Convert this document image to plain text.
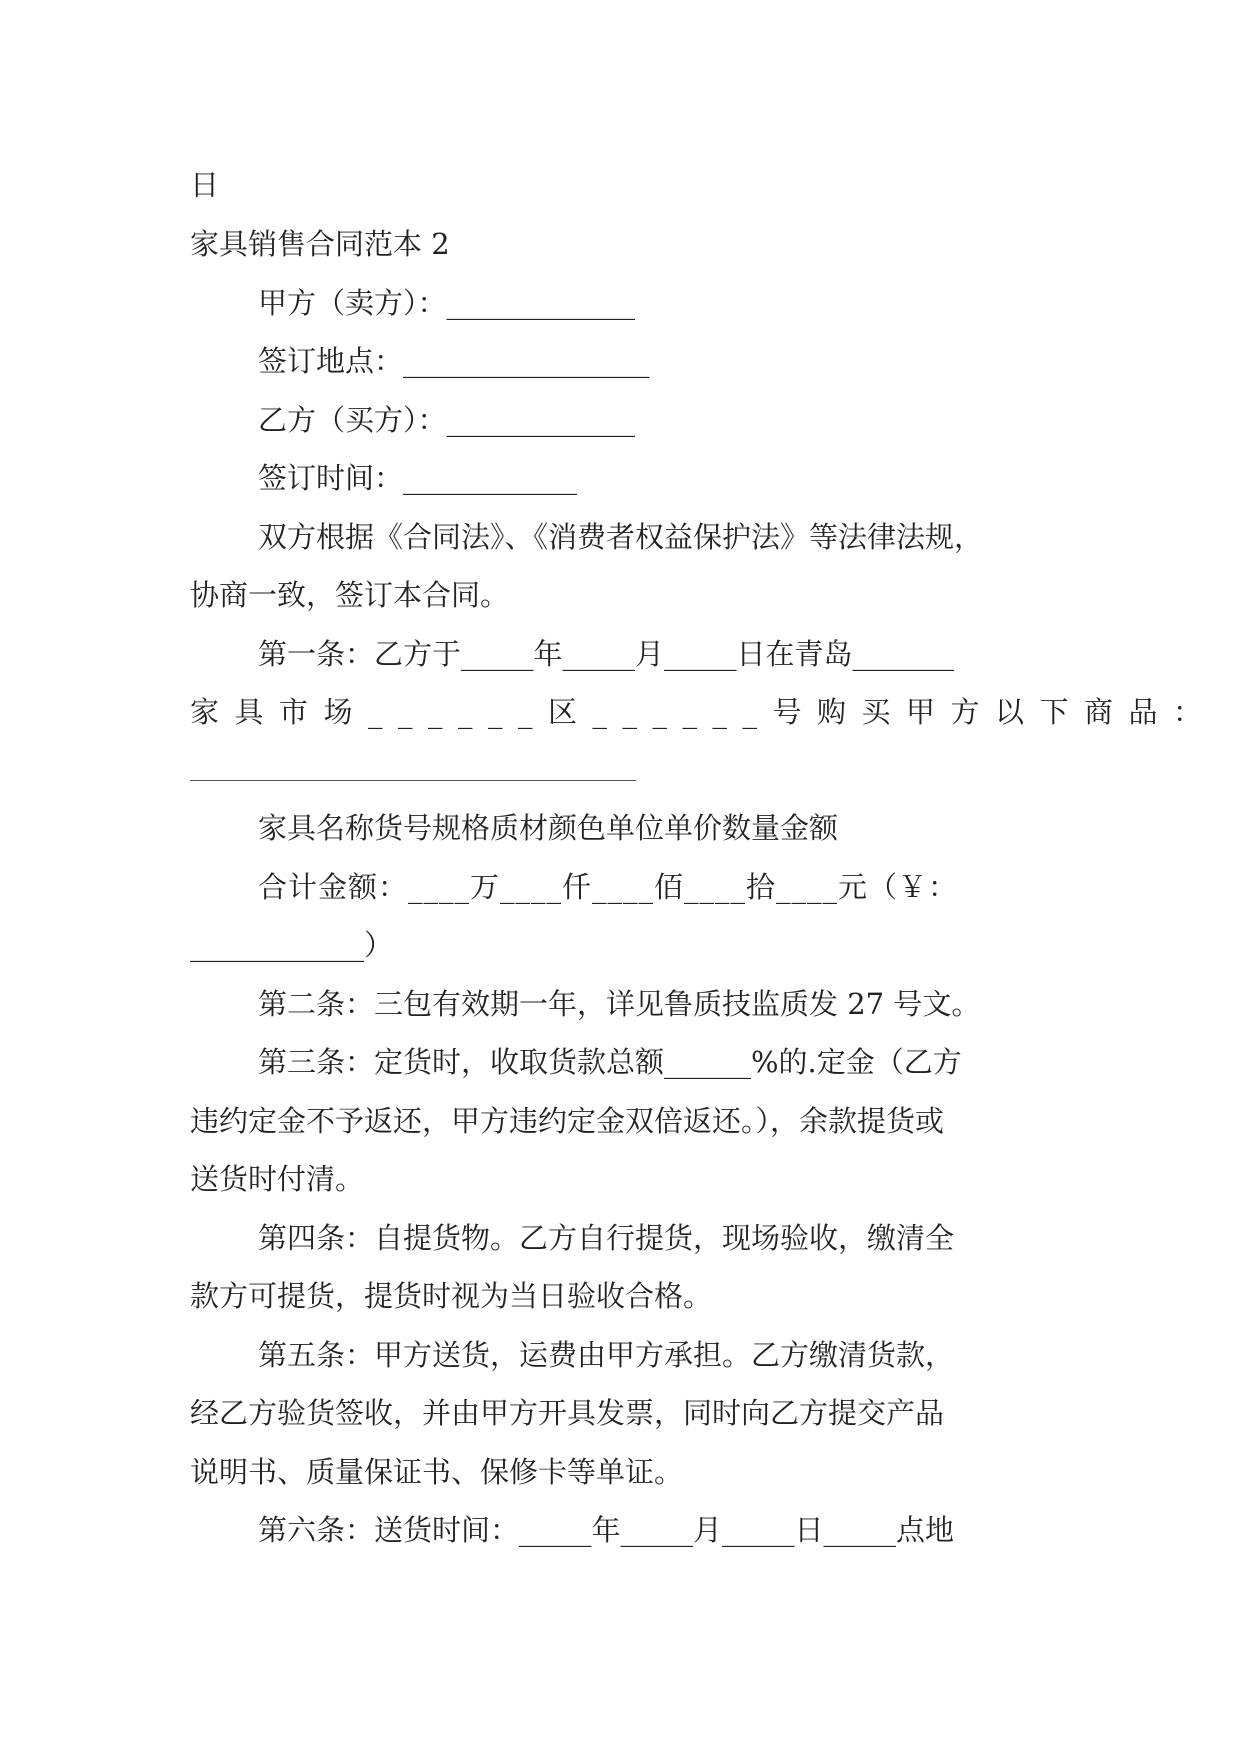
日
家具销售合同范本 2
甲方（卖方）：_____________
签订地点：_________________
乙方（买方）：_____________
签订时间：____________
双方根据《合同法》、《消费者权益保护法》等法律法规，
协商一致，签订本合同。
第一条：乙方于_____年_____月_____日在青岛_______
家具市场______区______号购买甲方以下商品：
家具名称货号规格质材颜色单位单价数量金额
合计金额：____万____仟____佰____拾____元（￥：
____________）
第二条：三包有效期一年，详见鲁质技监质发 27 号文。
第三条：定货时，收取货款总额______%的.定金（乙方
违约定金不予返还，甲方违约定金双倍返还。），余款提货或
送货时付清。
第四条：自提货物。乙方自行提货，现场验收，缴清全
款方可提货，提货时视为当日验收合格。
第五条：甲方送货，运费由甲方承担。乙方缴清货款，
经乙方验货签收，并由甲方开具发票，同时向乙方提交产品
说明书、质量保证书、保修卡等单证。
第六条：送货时间：_____年_____月_____日_____点地
